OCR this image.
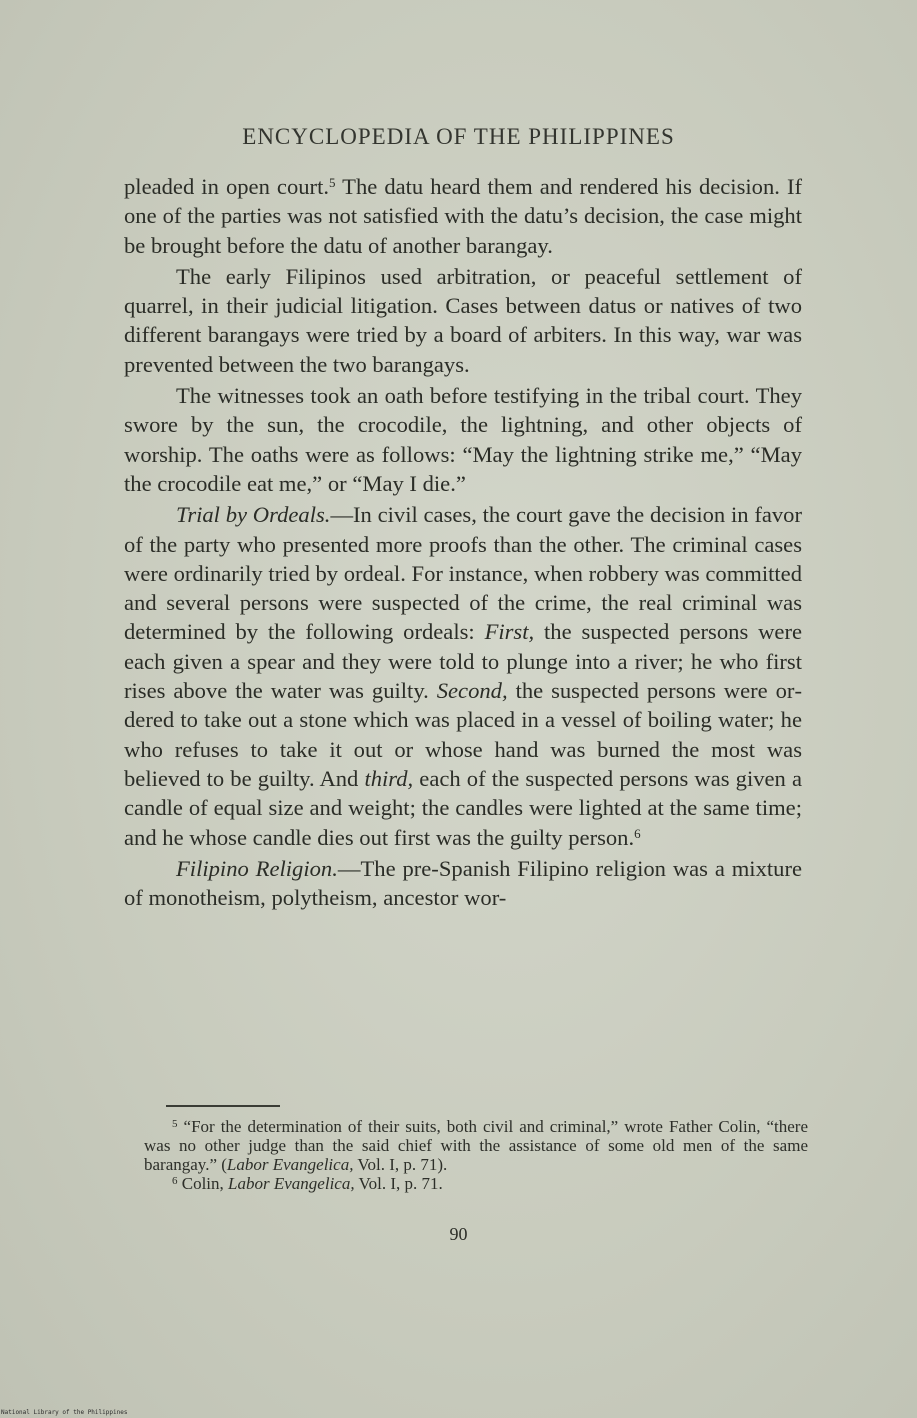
ENCYCLOPEDIA OF THE PHILIPPINES

pleaded in open court.$^5$ The datu heard them and rendered his decision. If one of the parties was not satisfied with the datu’s decision, the case might be brought before the datu of another barangay.

The early Filipinos used arbitration, or peaceful settlement of quarrel, in their judicial litigation. Cases between datus or natives of two different barangays were tried by a board of arbiters. In this way, war was prevented between the two barangays.

The witnesses took an oath before testifying in the tribal court. They swore by the sun, the crocodile, the lightning, and other objects of worship. The oaths were as follows: “May the lightning strike me,” “May the crocodile eat me,” or “May I die.”

Trial by Ordeals.—In civil cases, the court gave the decision in favor of the party who presented more proofs than the other. The criminal cases were ordinarily tried by ordeal. For instance, when robbery was committed and several persons were suspected of the crime, the real criminal was determined by the following ordeals: First, the suspected persons were each given a spear and they were told to plunge into a river; he who first rises above the water was guilty. Second, the suspected persons were ordered to take out a stone which was placed in a vessel of boiling water; he who refuses to take it out or whose hand was burned the most was believed to be guilty. And third, each of the suspected persons was given a candle of equal size and weight; the candles were lighted at the same time; and he whose candle dies out first was the guilty person.$^6$

Filipino Religion.—The pre-Spanish Filipino religion was a mixture of monotheism, polytheism, ancestor wor-

$^5$ “For the determination of their suits, both civil and criminal,” wrote Father Colin, “there was no other judge than the said chief with the assistance of some old men of the same barangay.” (Labor Evangelica, Vol. I, p. 71).

$^6$ Colin, Labor Evangelica, Vol. I, p. 71.

90
National Library of the Philippines
